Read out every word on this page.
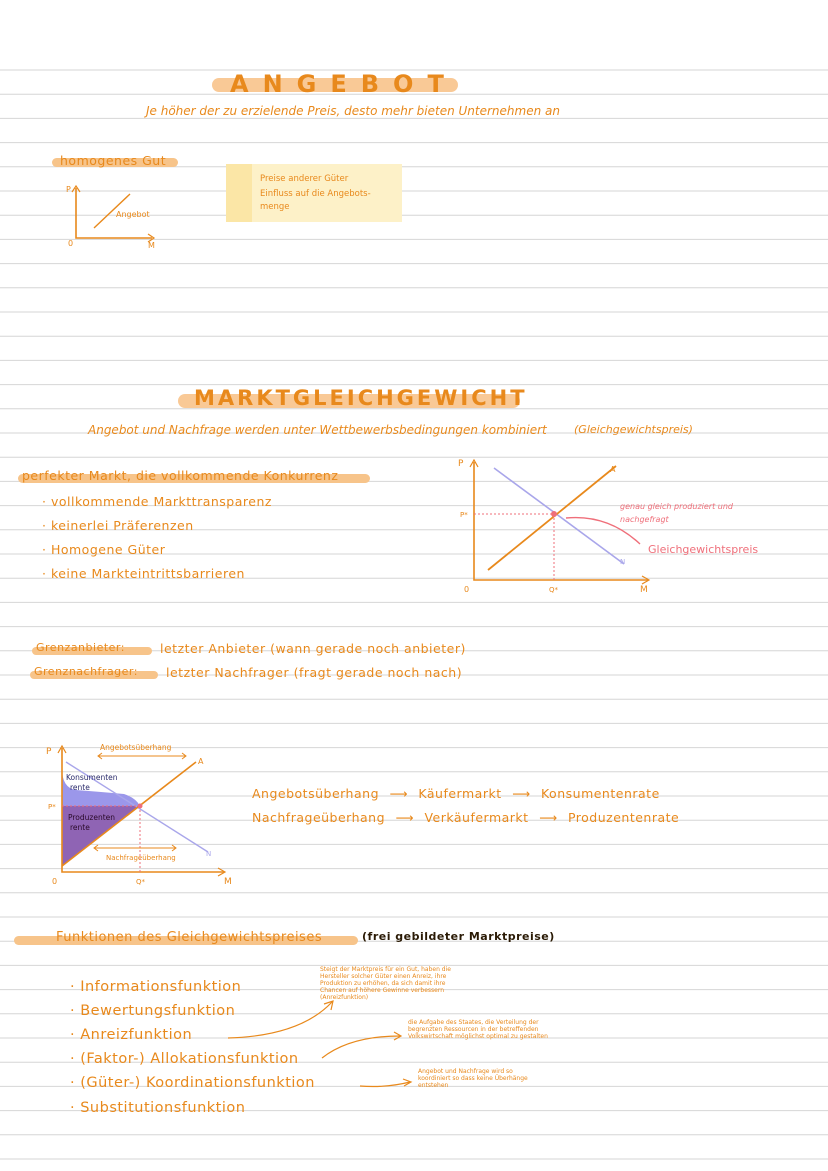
ANGEBOT
Je höher der zu erzielende Preis, desto mehr bieten Unternehmen an
homogenes Gut
P
M
0
Angebot
Preise anderer Güter
Einfluss auf die Angebots-
menge
MARKTGLEICHGEWICHT
Angebot und Nachfrage werden unter Wettbewerbsbedingungen kombiniert (Gleichgewichtspreis)
perfekter Markt, die vollkommende Konkurrenz
· vollkommende Markttransparenz
· keinerlei Präferenzen
· Homogene Güter
· keine Markteintrittsbarrieren
P
M
0
A
N
P*
Q*
genau gleich produziert und
nachgefragt
Gleichgewichtspreis
Grenzanbieter:	letzter Anbieter (wann gerade noch anbieter)
Grenznachfrager: letzter Nachfrager (fragt gerade noch nach)
P
M
0
A
N
P*
Q*
Angebotsüberhang
Nachfrageüberhang
Konsumenten
rente
Produzenten
rente
Angebotsüberhang ⟶ Käufermarkt ⟶ Konsumentenrate
Nachfrageüberhang ⟶ Verkäufermarkt ⟶ Produzentenrate
Funktionen des Gleichgewichtspreises	(frei gebildeter Marktpreise)
· Informationsfunktion
· Bewertungsfunktion
· Anreizfunktion
· (Faktor-) Allokationsfunktion
· (Güter-) Koordinationsfunktion
· Substitutionsfunktion
Steigt der Marktpreis für ein Gut, haben die Hersteller solcher Güter einen Anreiz, ihre Produktion zu erhöhen, da sich damit ihre Chancen auf höhere Gewinne verbessern (Anreizfunktion)
die Aufgabe des Staates, die Verteilung der begrenzten Ressourcen in der betreffenden Volkswirtschaft möglichst optimal zu gestalten
Angebot und Nachfrage wird so koordiniert so dass keine Überhänge entstehen
